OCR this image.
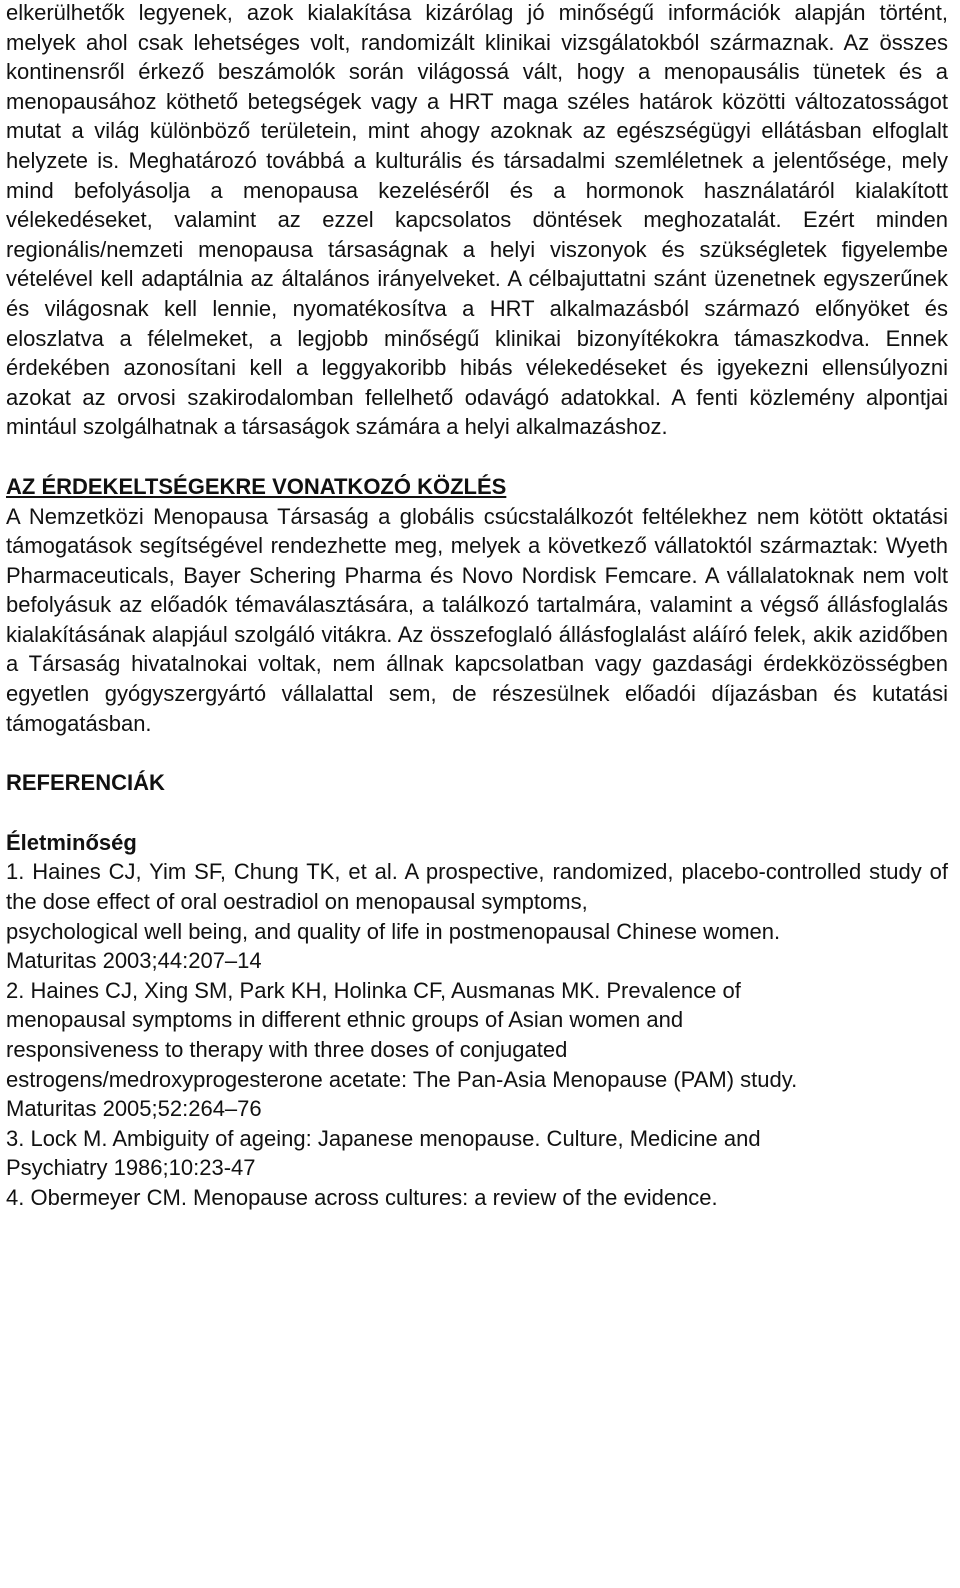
elkerülhetők legyenek, azok kialakítása kizárólag jó minőségű információk alapján történt, melyek ahol csak lehetséges volt, randomizált klinikai vizsgálatokból származnak. Az összes kontinensről érkező beszámolók során világossá vált, hogy a menopausális tünetek és a menopausához köthető betegségek vagy a HRT maga széles határok közötti változatosságot mutat a világ különböző területein, mint ahogy azoknak az egészségügyi ellátásban elfoglalt helyzete is. Meghatározó továbbá a kulturális és társadalmi szemléletnek a jelentősége, mely mind befolyásolja a menopausa kezeléséről és a hormonok használatáról kialakított vélekedéseket, valamint az ezzel kapcsolatos döntések meghozatalát. Ezért minden regionális/nemzeti menopausa társaságnak a helyi viszonyok és szükségletek figyelembe vételével kell adaptálnia az általános irányelveket. A célbajuttatni szánt üzenetnek egyszerűnek és világosnak kell lennie, nyomatékosítva a HRT alkalmazásból származó előnyöket és eloszlatva a félelmeket, a legjobb minőségű klinikai bizonyítékokra támaszkodva. Ennek érdekében azonosítani kell a leggyakoribb hibás vélekedéseket és igyekezni ellensúlyozni azokat az orvosi szakirodalomban fellelhető odavágó adatokkal. A fenti közlemény alpontjai mintául szolgálhatnak a társaságok számára a helyi alkalmazáshoz.

AZ ÉRDEKELTSÉGEKRE VONATKOZÓ KÖZLÉS

A Nemzetközi Menopausa Társaság a globális csúcstalálkozót feltélekhez nem kötött oktatási támogatások segítségével rendezhette meg, melyek a következő vállatoktól származtak: Wyeth Pharmaceuticals, Bayer Schering Pharma és Novo Nordisk Femcare. A vállalatoknak nem volt befolyásuk az előadók témaválasztására, a találkozó tartalmára, valamint a végső állásfoglalás kialakításának alapjául szolgáló vitákra. Az összefoglaló állásfoglalást aláíró felek, akik azidőben a Társaság hivatalnokai voltak, nem állnak kapcsolatban vagy gazdasági érdekközösségben egyetlen gyógyszergyártó vállalattal sem, de részesülnek előadói díjazásban és kutatási támogatásban.

REFERENCIÁK

Életminőség

1. Haines CJ, Yim SF, Chung TK, et al. A prospective, randomized, placebo-controlled study of the dose effect of oral oestradiol on menopausal symptoms,

psychological well being, and quality of life in postmenopausal Chinese women.

Maturitas 2003;44:207–14

2. Haines CJ, Xing SM, Park KH, Holinka CF, Ausmanas MK. Prevalence of

menopausal symptoms in different ethnic groups of Asian women and

responsiveness to therapy with three doses of conjugated

estrogens/medroxyprogesterone acetate: The Pan-Asia Menopause (PAM) study.

Maturitas 2005;52:264–76

3. Lock M. Ambiguity of ageing: Japanese menopause. Culture, Medicine and

Psychiatry 1986;10:23-47

4. Obermeyer CM. Menopause across cultures: a review of the evidence.
